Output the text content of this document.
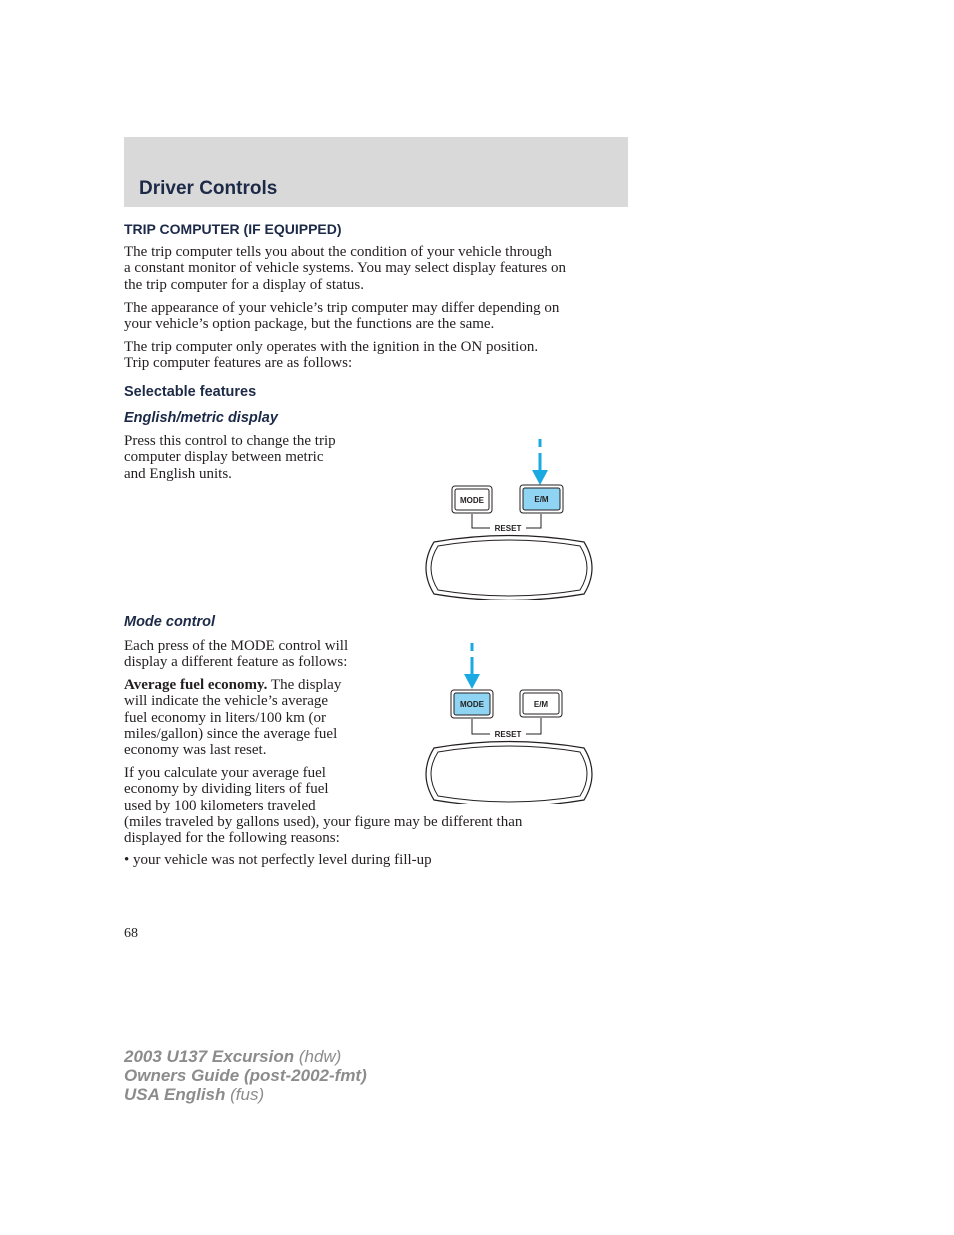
Driver Controls
TRIP COMPUTER (IF EQUIPPED)
The trip computer tells you about the condition of your vehicle through
a constant monitor of vehicle systems. You may select display features on
the trip computer for a display of status.
The appearance of your vehicle’s trip computer may differ depending on
your vehicle’s option package, but the functions are the same.
The trip computer only operates with the ignition in the ON position.
Trip computer features are as follows:
Selectable features
English/metric display
Press this control to change the trip
computer display between metric
and English units.
MODE	E/M
RESET
Mode control
Each press of the MODE control will
display a different feature as follows:
Average fuel economy. The display
will indicate the vehicle’s average
fuel economy in liters/100 km (or
miles/gallon) since the average fuel
economy was last reset.
If you calculate your average fuel
economy by dividing liters of fuel
used by 100 kilometers traveled
(miles traveled by gallons used), your figure may be different than
displayed for the following reasons:
MODE	E/M
RESET
• your vehicle was not perfectly level during fill-up
68
2003 U137 Excursion (hdw)
Owners Guide (post-2002-fmt)
USA English (fus)
